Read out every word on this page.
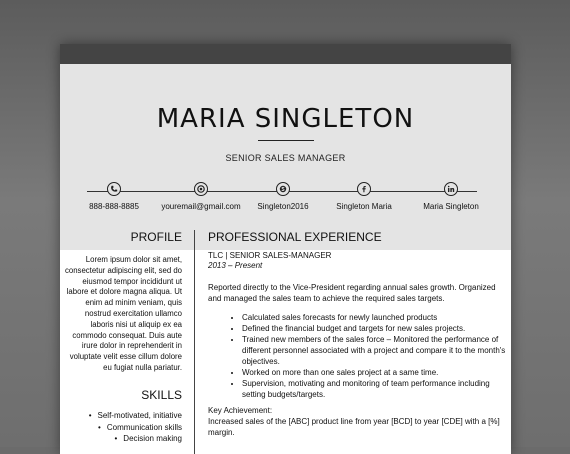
MARIA SINGLETON
SENIOR SALES MANAGER
888-888-8885	youremail@gmail.com	Singleton2016	Singleton Maria	Maria Singleton
PROFILE
Lorem ipsum dolor sit amet, consectetur adipiscing elit, sed do eiusmod tempor incididunt ut labore et dolore magna aliqua. Ut enim ad minim veniam, quis nostrud exercitation ullamco laboris nisi ut aliquip ex ea commodo consequat. Duis aute irure dolor in reprehenderit in voluptate velit esse cillum dolore eu fugiat nulla pariatur.
SKILLS
• Self-motivated, initiative
• Communication skills
• Decision making
PROFESSIONAL EXPERIENCE
TLC | SENIOR SALES-MANAGER
2013 – Present
Reported directly to the Vice-President regarding annual sales growth. Organized and managed the sales team to achieve the required sales targets.
• Calculated sales forecasts for newly launched products
• Defined the financial budget and targets for new sales projects.
• Trained new members of the sales force – Monitored the performance of different personnel associated with a project and compare it to the month's objectives.
• Worked on more than one sales project at a same time.
• Supervision, motivating and monitoring of team performance including setting budgets/targets.
Key Achievement:
Increased sales of the [ABC] product line from year [BCD] to year [CDE] with a [%] margin.
